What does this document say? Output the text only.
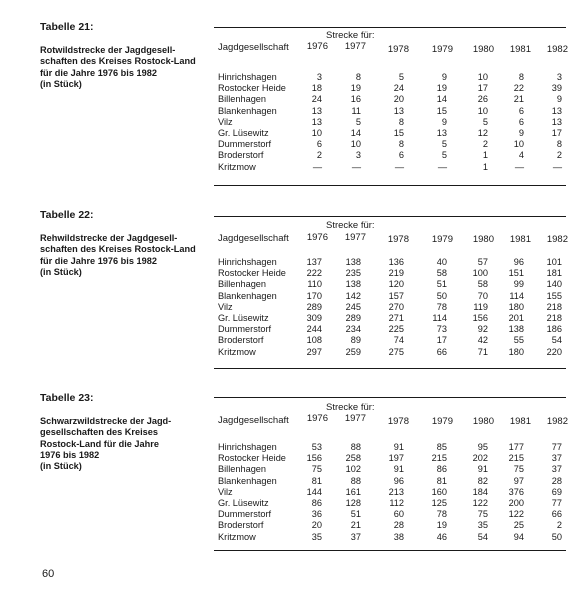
Tabelle 21:
Rotwildstrecke der Jagdgesell-
schaften des Kreises Rostock-Land
für die Jahre 1976 bis 1982
(in Stück)
Strecke für:
Jagdgesellschaft	1976	1977	1978	1979	1980	1981	1982
Hinrichshagen	3	8	5	9	10	8	3
Rostocker Heide	18	19	24	19	17	22	39
Billenhagen	24	16	20	14	26	21	9
Blankenhagen	13	11	13	15	10	6	13
Vilz	13	5	8	9	5	6	13
Gr. Lüsewitz	10	14	15	13	12	9	17
Dummerstorf	6	10	8	5	2	10	8
Broderstorf	2	3	6	5	1	4	2
Kritzmow	—	—	—	—	1	—	—
Tabelle 22:
Rehwildstrecke der Jagdgesell-
schaften des Kreises Rostock-Land
für die Jahre 1976 bis 1982
(in Stück)
Strecke für:
Jagdgesellschaft	1976	1977	1978	1979	1980	1981	1982
Hinrichshagen	137	138	136	40	57	96	101
Rostocker Heide	222	235	219	58	100	151	181
Billenhagen	110	138	120	51	58	99	140
Blankenhagen	170	142	157	50	70	114	155
Vilz	289	245	270	78	119	180	218
Gr. Lüsewitz	309	289	271	114	156	201	218
Dummerstorf	244	234	225	73	92	138	186
Broderstorf	108	89	74	17	42	55	54
Kritzmow	297	259	275	66	71	180	220
Tabelle 23:
Schwarzwildstrecke der Jagd-
gesellschaften des Kreises
Rostock-Land für die Jahre
1976 bis 1982
(in Stück)
Strecke für:
Jagdgesellschaft	1976	1977	1978	1979	1980	1981	1982
Hinrichshagen	53	88	91	85	95	177	77
Rostocker Heide	156	258	197	215	202	215	37
Billenhagen	75	102	91	86	91	75	37
Blankenhagen	81	88	96	81	82	97	28
Vilz	144	161	213	160	184	376	69
Gr. Lüsewitz	86	128	112	125	122	200	77
Dummerstorf	36	51	60	78	75	122	66
Broderstorf	20	21	28	19	35	25	2
Kritzmow	35	37	38	46	54	94	50
60
